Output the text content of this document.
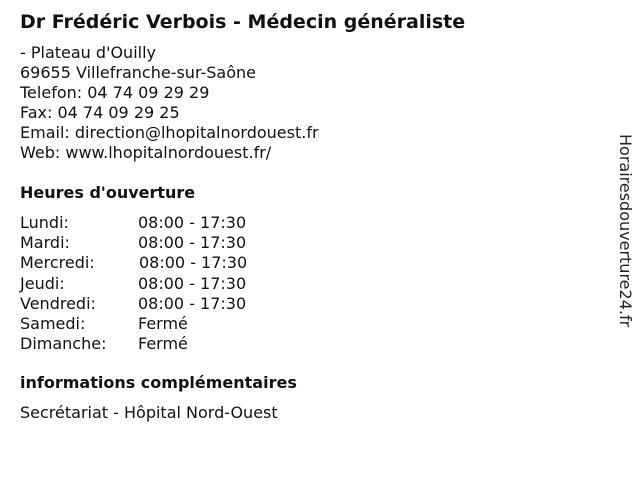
Dr Frédéric Verbois - Médecin généraliste
- Plateau d'Ouilly
69655 Villefranche-sur-Saône
Telefon: 04 74 09 29 29
Fax: 04 74 09 29 25
Email: direction@lhopitalnordouest.fr
Web: www.lhopitalnordouest.fr/
Heures d'ouverture
Lundi:	08:00 - 17:30
Mardi:	08:00 - 17:30
Mercredi:	08:00 - 17:30
Jeudi:	08:00 - 17:30
Vendredi:	08:00 - 17:30
Samedi:	Fermé
Dimanche: Fermé
informations complémentaires
Secrétariat - Hôpital Nord-Ouest
Horairesdouverture24.fr
